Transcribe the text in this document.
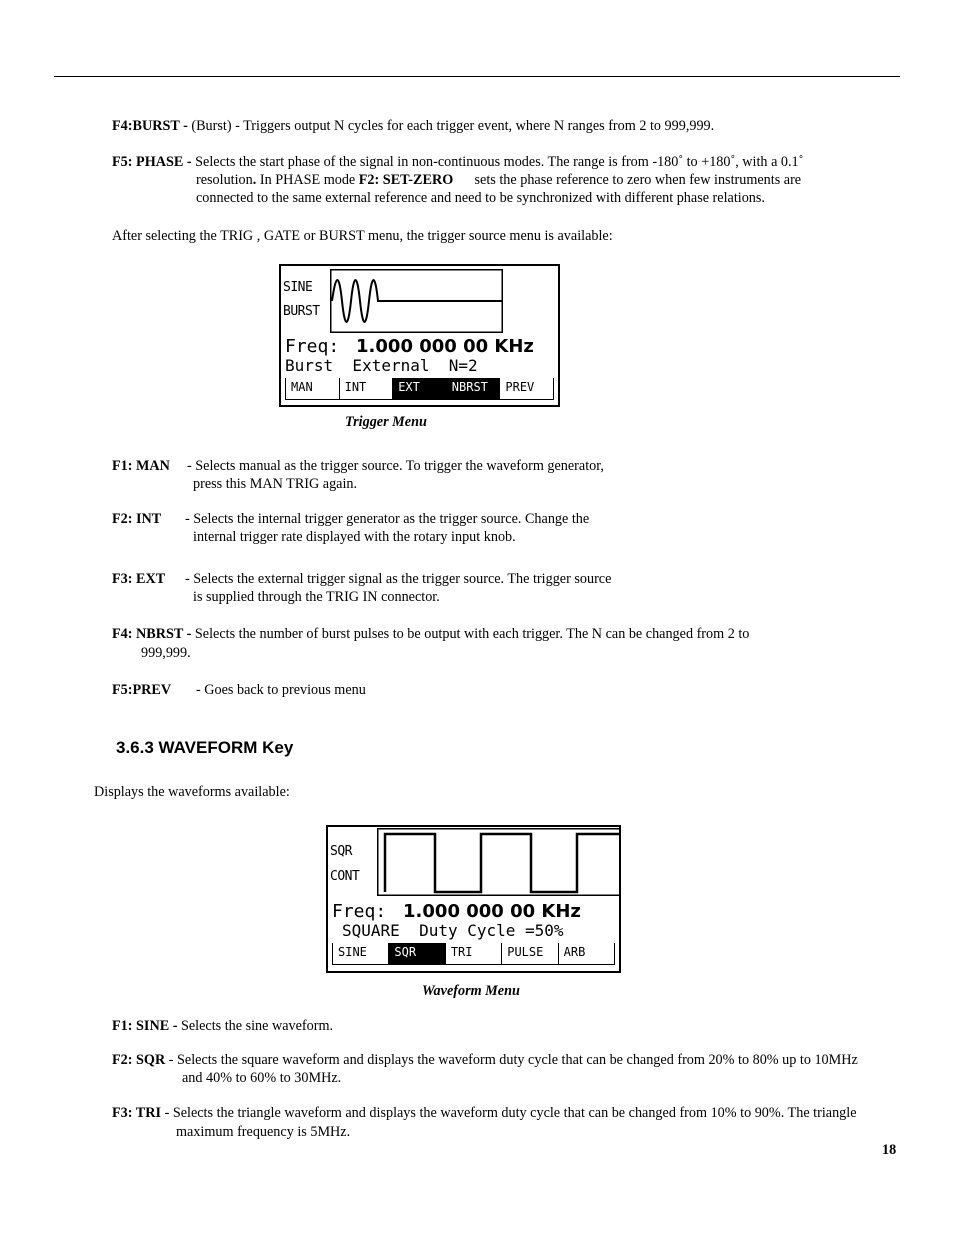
F4:BURST - (Burst) - Triggers output N cycles for each trigger event, where N ranges from 2 to 999,999.
F5: PHASE - Selects the start phase of the signal in non-continuous modes. The range is from -180˚ to +180˚, with a 0.1˚
resolution. In PHASE mode F2: SET-ZERO      sets the phase reference to zero when few instruments are
connected to the same external reference and need to be synchronized with different phase relations.
After selecting the TRIG , GATE or BURST menu, the trigger source menu is available:
SINE
BURST
Freq: 1.000 000 00 KHz
Burst  External  N=2
MAN	INT	EXT	NBRST	PREV
Trigger Menu
F1: MAN - Selects manual as the trigger source. To trigger the waveform generator,
press this MAN TRIG again.
F2: INT - Selects the internal trigger generator as the trigger source. Change the
internal trigger rate displayed with the rotary input knob.
F3: EXT - Selects the external trigger signal as the trigger source. The trigger source
is supplied through the TRIG IN connector.
F4: NBRST - Selects the number of burst pulses to be output with each trigger. The N can be changed from 2 to
999,999.
F5:PREV - Goes back to previous menu
3.6.3 WAVEFORM Key
Displays the waveforms available:
SQR
CONT
Freq: 1.000 000 00 KHz
SQUARE  Duty Cycle =50%
SINE	SQR	TRI	PULSE	ARB
Waveform Menu
F1: SINE - Selects the sine waveform.
F2: SQR - Selects the square waveform and displays the waveform duty cycle that can be changed from 20% to 80% up to 10MHz
and 40% to 60% to 30MHz.
F3: TRI - Selects the triangle waveform and displays the waveform duty cycle that can be changed from 10% to 90%. The triangle
maximum frequency is 5MHz.
18
